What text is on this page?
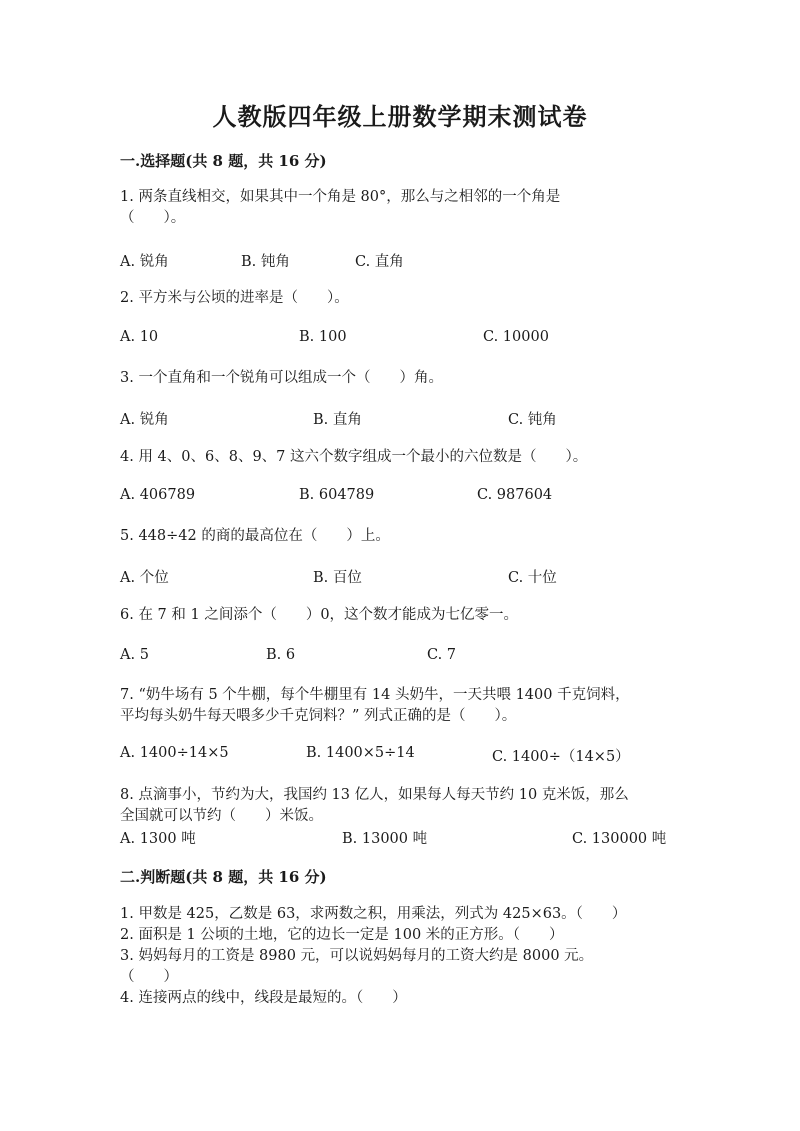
人教版四年级上册数学期末测试卷
一.选择题(共 8 题，共 16 分)
1. 两条直线相交，如果其中一个角是 80°，那么与之相邻的一个角是
（　　）。
A. 锐角	B. 钝角	C. 直角
2. 平方米与公顷的进率是（　　）。
A. 10	B. 100	C. 10000
3. 一个直角和一个锐角可以组成一个（　　）角。
A. 锐角	B. 直角	C. 钝角
4. 用 4、0、6、8、9、7 这六个数字组成一个最小的六位数是（　　）。
A. 406789	B. 604789	C. 987604
5. 448÷42 的商的最高位在（　　）上。
A. 个位	B. 百位	C. 十位
6. 在 7 和 1 之间添个（　　）0，这个数才能成为七亿零一。
A. 5	B. 6	C. 7
7. “奶牛场有 5 个牛棚，每个牛棚里有 14 头奶牛，一天共喂 1400 千克饲料，
平均每头奶牛每天喂多少千克饲料？” 列式正确的是（　　）。
A. 1400÷14×5	B. 1400×5÷14	C. 1400÷（14×5）
8. 点滴事小，节约为大，我国约 13 亿人，如果每人每天节约 10 克米饭，那么
全国就可以节约（　　）米饭。
A. 1300 吨	B. 13000 吨	C. 130000 吨
二.判断题(共 8 题，共 16 分)
1. 甲数是 425，乙数是 63，求两数之积，用乘法，列式为 425×63。（　　）
2. 面积是 1 公顷的土地，它的边长一定是 100 米的正方形。（　　）
3. 妈妈每月的工资是 8980 元，可以说妈妈每月的工资大约是 8000 元。
（　　）
4. 连接两点的线中，线段是最短的。（　　）
